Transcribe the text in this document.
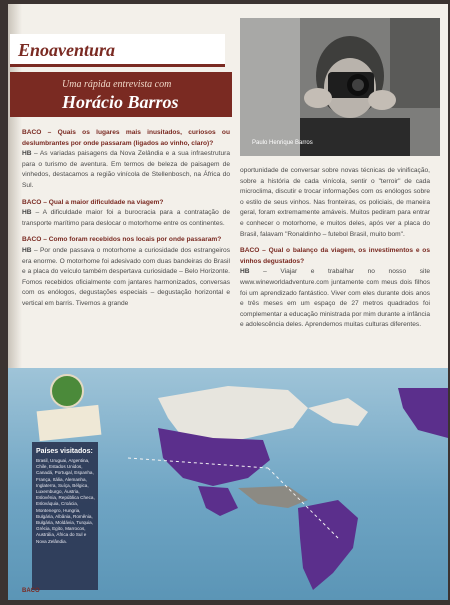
Enoaventura
Uma rápida entrevista com
Horácio Barros
Paulo Henrique Barros

BACO – Quais os lugares mais inusitados, curiosos ou deslumbrantes por onde passaram (ligados ao vinho, claro)?
HB – As variadas paisagens da Nova Zelândia e a sua infraestrutura para o turismo de aventura. Em termos de beleza de paisagem de vinhedos, destacamos a região vinícola de Stellenbosch, na África do Sul.

BACO – Qual a maior dificuldade na viagem?
HB – A dificuldade maior foi a burocracia para a contratação de transporte marítimo para deslocar o motorhome entre os continentes.

BACO – Como foram recebidos nos locais por onde passaram?
HB – Por onde passava o motorhome a curiosidade dos estrangeiros era enorme. O motorhome foi adesivado com duas bandeiras do Brasil e a placa do veículo também despertava curiosidade – Belo Horizonte. Fomos recebidos oficialmente com jantares harmonizados, conversas com os enólogos, degustações especiais – degustação horizontal e vertical em barris. Tivemos a grande

oportunidade de conversar sobre novas técnicas de vinificação, sobre a história de cada vinícola, sentir o "terroir" de cada microclima, discutir e trocar informações com os enólogos sobre o estilo de seus vinhos. Nas fronteiras, os policiais, de maneira geral, foram extremamente amáveis. Muitos pediram para entrar e conhecer o motorhome, e muitos deles, após ver a placa do Brasil, falavam "Ronaldinho – futebol Brasil, muito bom".

BACO – Qual o balanço da viagem, os investimentos e os vinhos degustados?
HB – Viajar e trabalhar no nosso site www.wineworldadventure.com juntamente com meus dois filhos foi um aprendizado fantástico. Viver com eles durante dois anos e três meses em um espaço de 27 metros quadrados foi complementar a educação ministrada por mim durante a infância e adolescência deles. Aprendemos muitas culturas diferentes.

Países visitados:
Brasil, Uruguai, Argentina, Chile, Estados Unidos, Canadá, Portugal, Espanha, França, Itália, Alemanha, Inglaterra, Suíça, Bélgica, Luxemburgo, Áustria, Eslovênia, República Checa, Eslováquia, Croácia, Montenegro, Hungria, Bulgária, Albânia, Romênia, Bulgária, Moldávia, Turquia, Grécia, Egito, Marrocos, Austrália, África do Sul e Nova Zelândia.
BACO
